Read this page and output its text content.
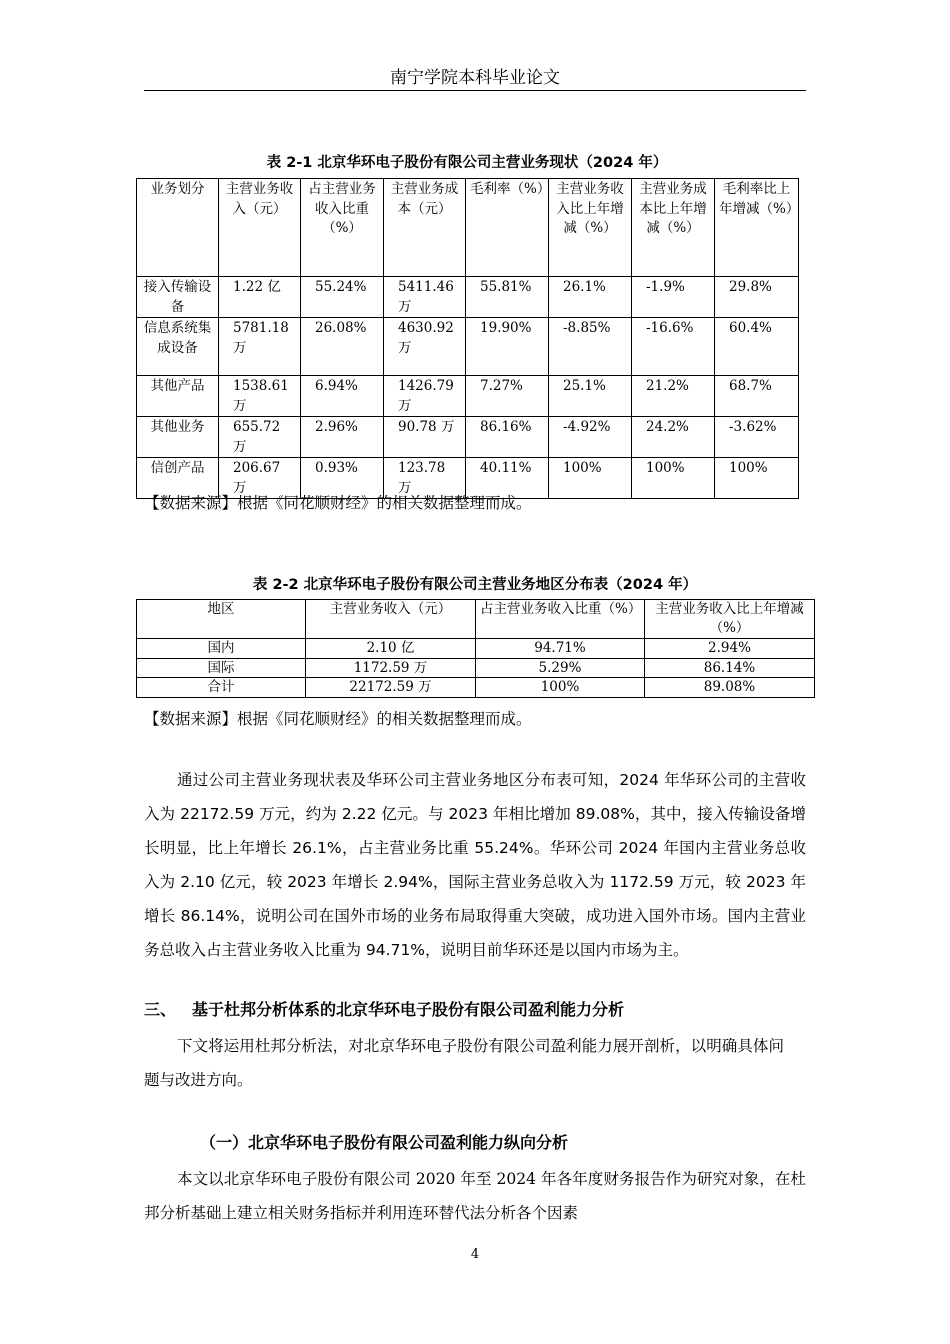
南宁学院本科毕业论文
表 2-1 北京华环电子股份有限公司主营业务现状（2024 年）
业务划分	主营业务收入（元）	占主营业务收入比重（%）	主营业务成本（元）	毛利率（%）	主营业务收入比上年增减（%）	主营业务成本比上年增减（%）	毛利率比上年增减（%）
接入传输设备	1.22 亿	55.24%	5411.46 万	55.81%	26.1%	-1.9%	29.8%
信息系统集成设备	5781.18 万	26.08%	4630.92 万	19.90%	-8.85%	-16.6%	60.4%
其他产品	1538.61 万	6.94%	1426.79 万	7.27%	25.1%	21.2%	68.7%
其他业务	655.72 万	2.96%	90.78 万	86.16%	-4.92%	24.2%	-3.62%
信创产品	206.67 万	0.93%	123.78 万	40.11%	100%	100%	100%
【数据来源】根据《同花顺财经》的相关数据整理而成。
表 2-2 北京华环电子股份有限公司主营业务地区分布表（2024 年）
地区	主营业务收入（元）	占主营业务收入比重（%）	主营业务收入比上年增减（%）
国内	2.10 亿	94.71%	2.94%
国际	1172.59 万	5.29%	86.14%
合计	22172.59 万	100%	89.08%
【数据来源】根据《同花顺财经》的相关数据整理而成。

通过公司主营业务现状表及华环公司主营业务地区分布表可知，2024 年华环公司的主营收入为 22172.59 万元，约为 2.22 亿元。与 2023 年相比增加 89.08%，其中，接入传输设备增长明显，比上年增长 26.1%，占主营业务比重 55.24%。华环公司 2024 年国内主营业务总收入为 2.10 亿元，较 2023 年增长 2.94%，国际主营业务总收入为 1172.59 万元，较 2023 年增长 86.14%，说明公司在国外市场的业务布局取得重大突破，成功进入国外市场。国内主营业务总收入占主营业务收入比重为 94.71%，说明目前华环还是以国内市场为主。

三、 基于杜邦分析体系的北京华环电子股份有限公司盈利能力分析

下文将运用杜邦分析法，对北京华环电子股份有限公司盈利能力展开剖析，以明确具体问题与改进方向。

（一）北京华环电子股份有限公司盈利能力纵向分析

本文以北京华环电子股份有限公司 2020 年至 2024 年各年度财务报告作为研究对象，在杜邦分析基础上建立相关财务指标并利用连环替代法分析各个因素

4
